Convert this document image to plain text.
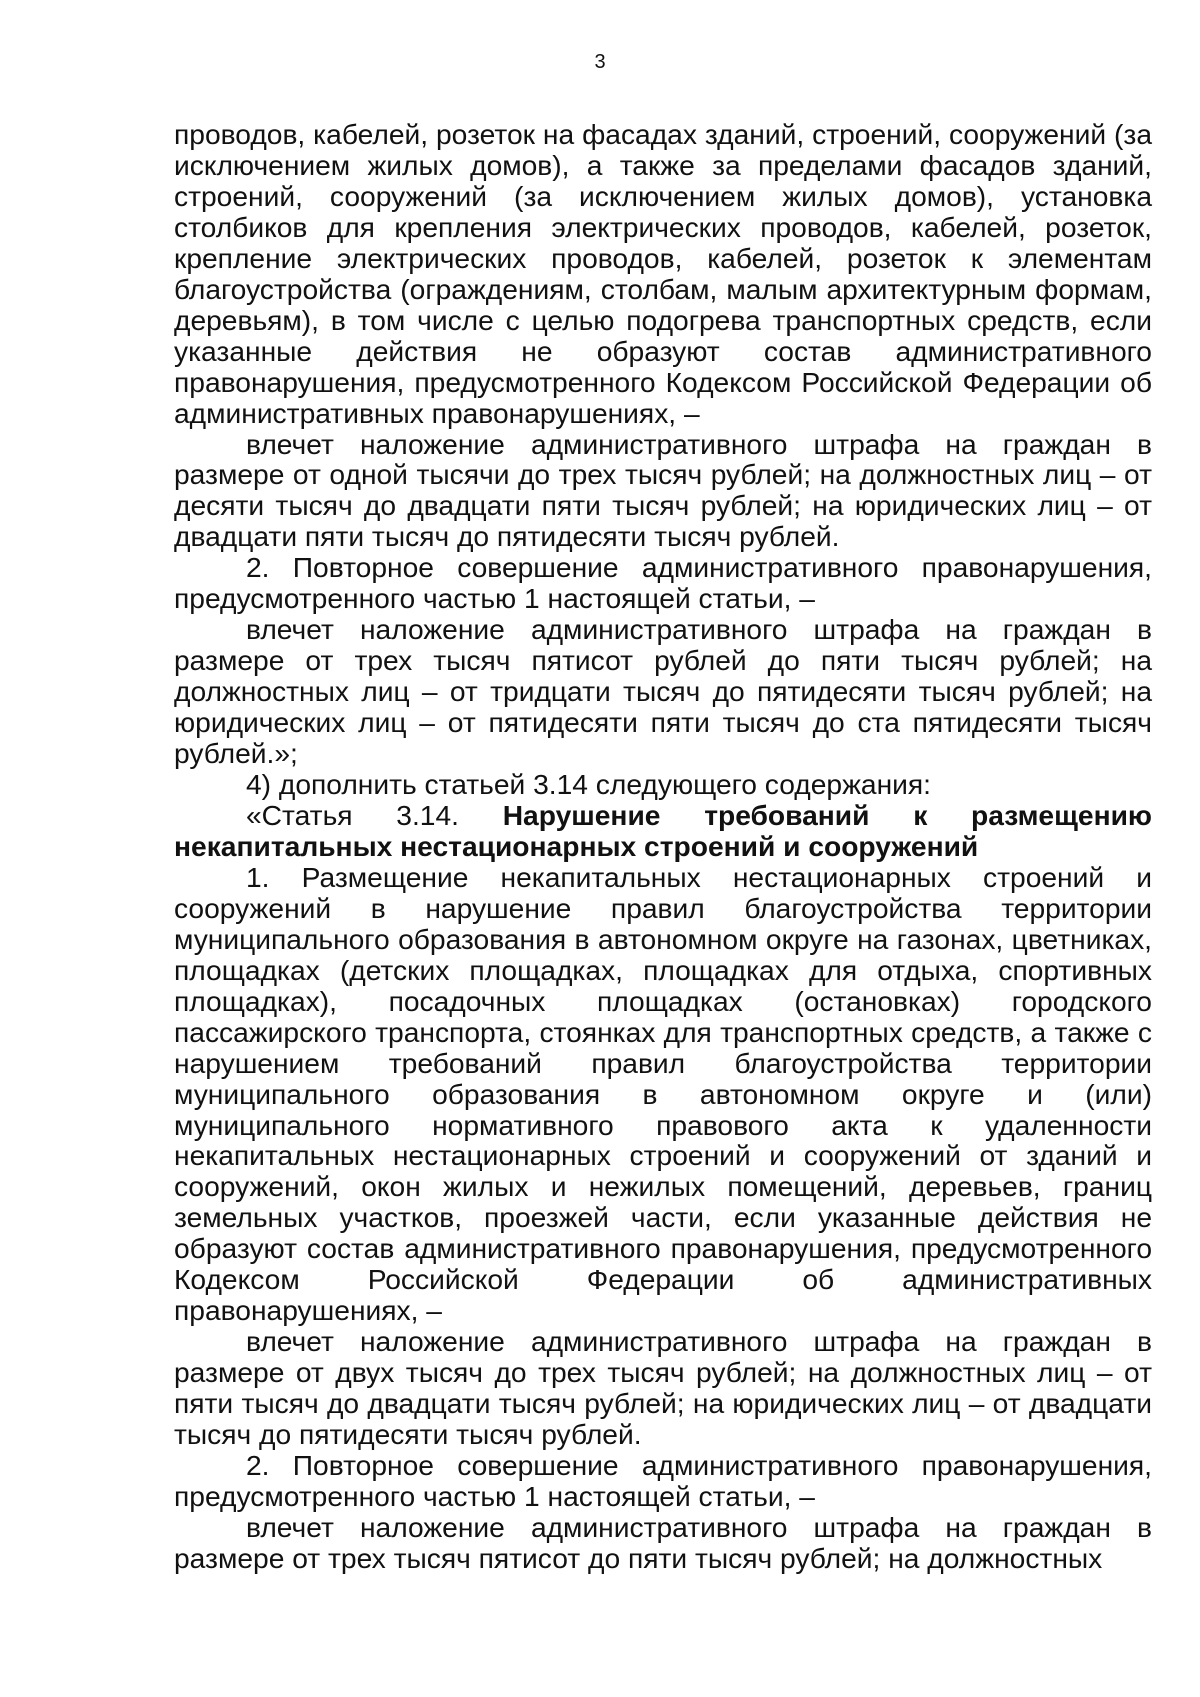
3

проводов, кабелей, розеток на фасадах зданий, строений, сооружений (за исключением жилых домов), а также за пределами фасадов зданий, строений, сооружений (за исключением жилых домов), установка столбиков для крепления электрических проводов, кабелей, розеток, крепление электрических проводов, кабелей, розеток к элементам благоустройства (ограждениям, столбам, малым архитектурным формам, деревьям), в том числе с целью подогрева транспортных средств, если указанные действия не образуют состав административного правонарушения, предусмотренного Кодексом Российской Федерации об административных правонарушениях, –

влечет наложение административного штрафа на граждан в размере от одной тысячи до трех тысяч рублей; на должностных лиц – от десяти тысяч до двадцати пяти тысяч рублей; на юридических лиц – от двадцати пяти тысяч до пятидесяти тысяч рублей.

2. Повторное совершение административного правонарушения, предусмотренного частью 1 настоящей статьи, –

влечет наложение административного штрафа на граждан в размере от трех тысяч пятисот рублей до пяти тысяч рублей; на должностных лиц – от тридцати тысяч до пятидесяти тысяч рублей; на юридических лиц – от пятидесяти пяти тысяч до ста пятидесяти тысяч рублей.»;

4) дополнить статьей 3.14 следующего содержания:

«Статья 3.14. Нарушение требований к размещению некапитальных нестационарных строений и сооружений

1. Размещение некапитальных нестационарных строений и сооружений в нарушение правил благоустройства территории муниципального образования в автономном округе на газонах, цветниках, площадках (детских площадках, площадках для отдыха, спортивных площадках), посадочных площадках (остановках) городского пассажирского транспорта, стоянках для транспортных средств, а также с нарушением требований правил благоустройства территории муниципального образования в автономном округе и (или) муниципального нормативного правового акта к удаленности некапитальных нестационарных строений и сооружений от зданий и сооружений, окон жилых и нежилых помещений, деревьев, границ земельных участков, проезжей части, если указанные действия не образуют состав административного правонарушения, предусмотренного Кодексом Российской Федерации об административных правонарушениях, –

влечет наложение административного штрафа на граждан в размере от двух тысяч до трех тысяч рублей; на должностных лиц – от пяти тысяч до двадцати тысяч рублей; на юридических лиц – от двадцати тысяч до пятидесяти тысяч рублей.

2. Повторное совершение административного правонарушения, предусмотренного частью 1 настоящей статьи, –

влечет наложение административного штрафа на граждан в размере от трех тысяч пятисот до пяти тысяч рублей; на должностных
